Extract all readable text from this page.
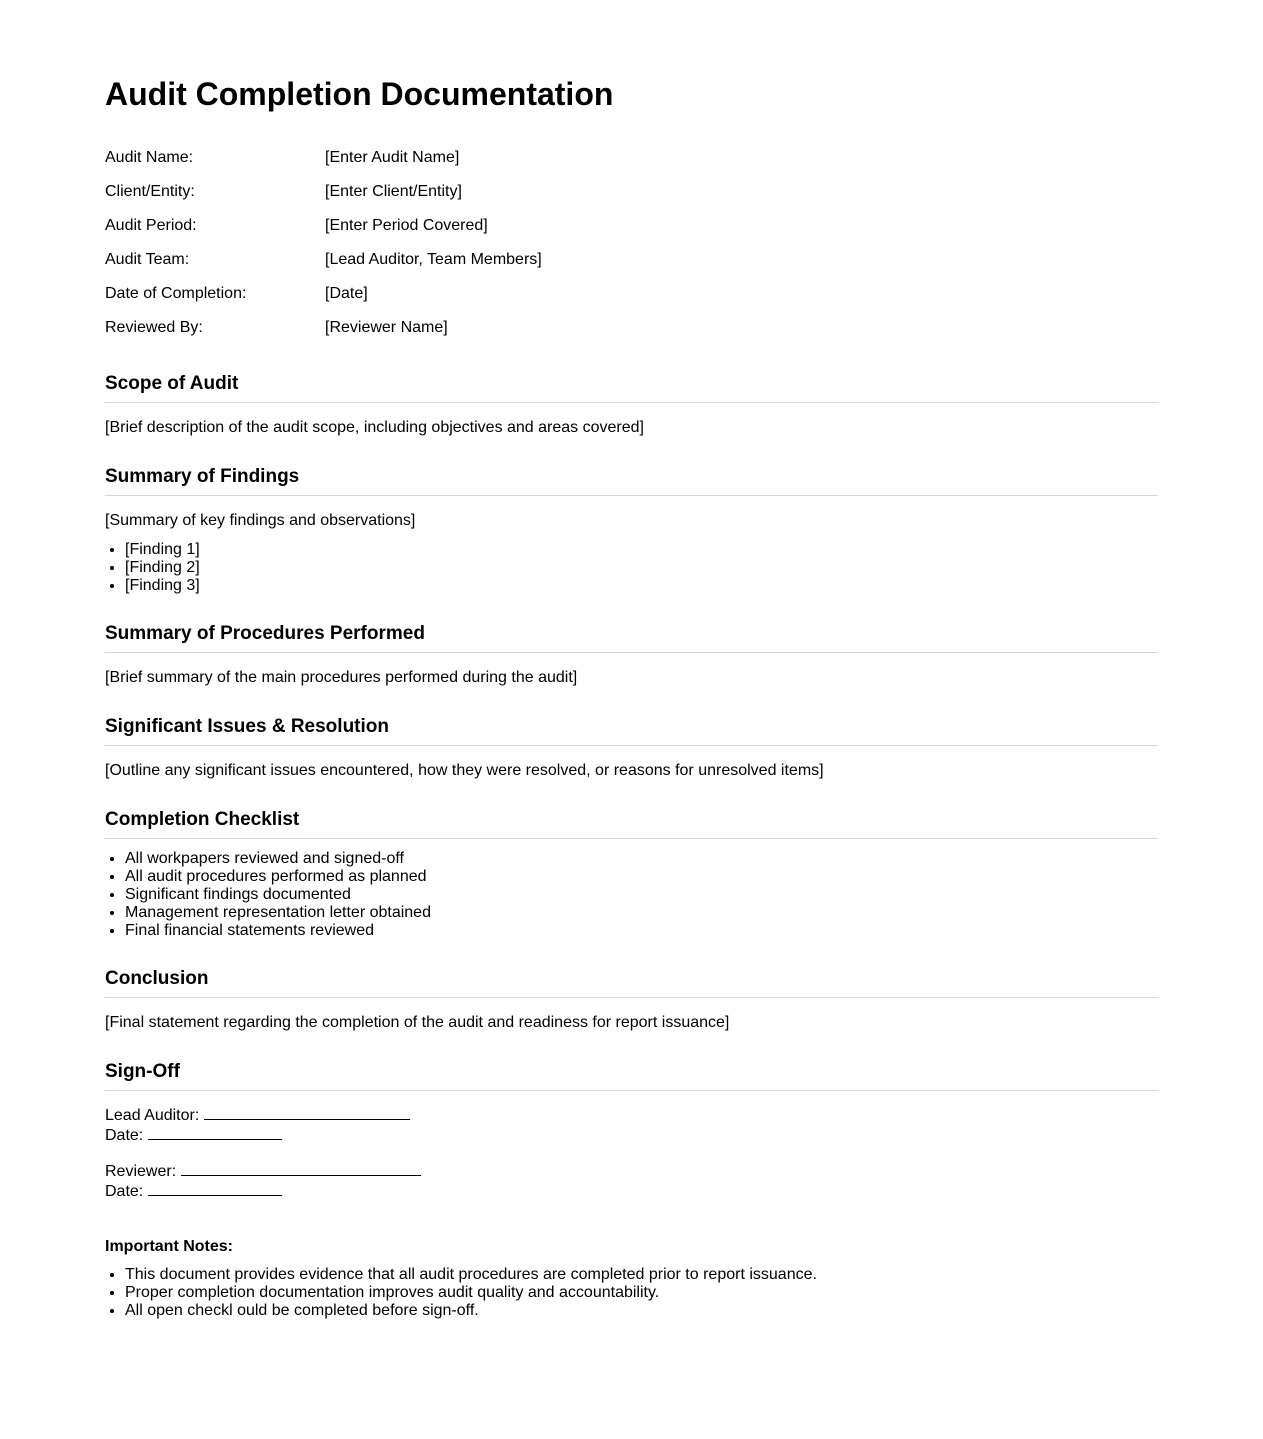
Audit Completion Documentation
Audit Name:	[Enter Audit Name]
Client/Entity:	[Enter Client/Entity]
Audit Period:	[Enter Period Covered]
Audit Team:	[Lead Auditor, Team Members]
Date of Completion:	[Date]
Reviewed By:	[Reviewer Name]
Scope of Audit

[Brief description of the audit scope, including objectives and areas covered]

Summary of Findings

[Summary of key findings and observations]

• [Finding 1]
• [Finding 2]
• [Finding 3]
Summary of Procedures Performed

[Brief summary of the main procedures performed during the audit]

Significant Issues & Resolution

[Outline any significant issues encountered, how they were resolved, or reasons for unresolved items]

Completion Checklist
• All workpapers reviewed and signed-off
• All audit procedures performed as planned
• Significant findings documented
• Management representation letter obtained
• Final financial statements reviewed
Conclusion

[Final statement regarding the completion of the audit and readiness for report issuance]

Sign-Off
Lead Auditor:
Date:
Reviewer:
Date:

Important Notes:

• This document provides evidence that all audit procedures are completed prior to report issuance.
• Proper completion documentation improves audit quality and accountability.
• All open checkl ould be completed before sign-off.
